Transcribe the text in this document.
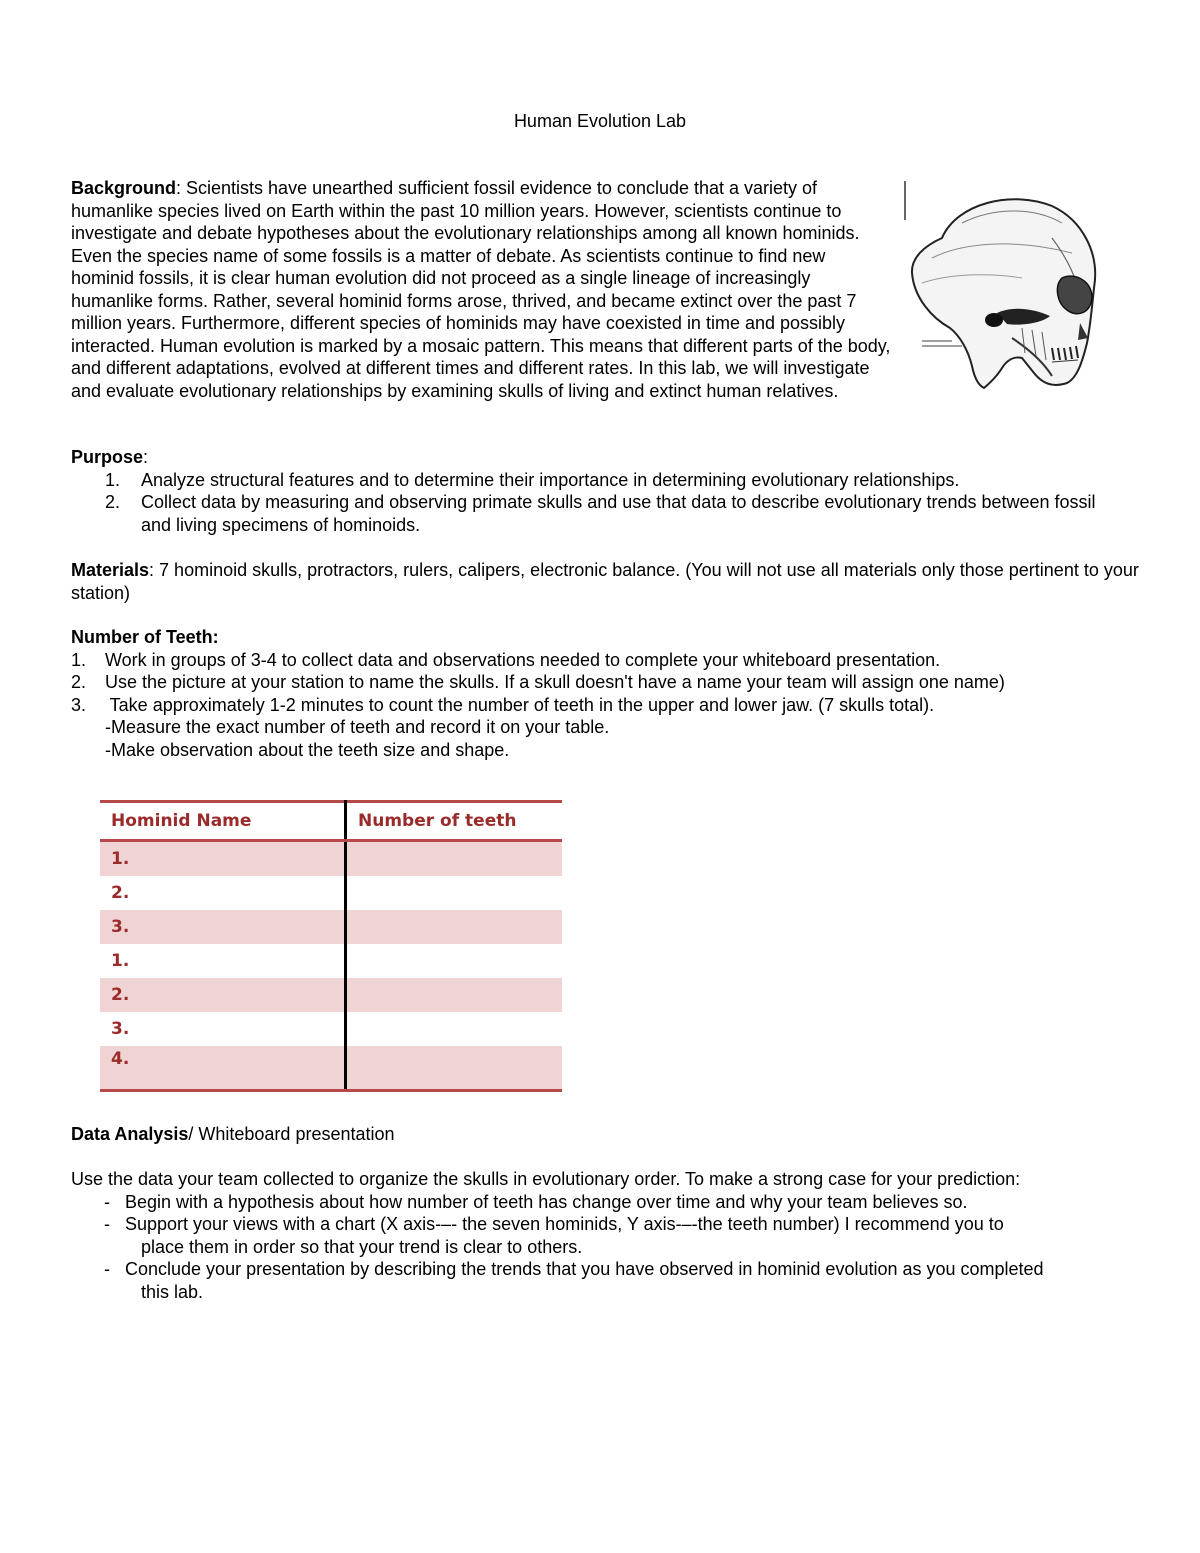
Human Evolution Lab

Background: Scientists have unearthed sufficient fossil evidence to conclude that a variety of humanlike species lived on Earth within the past 10 million years. However, scientists continue to investigate and debate hypotheses about the evolutionary relationships among all known hominids. Even the species name of some fossils is a matter of debate. As scientists continue to find new hominid fossils, it is clear human evolution did not proceed as a single lineage of increasingly humanlike forms. Rather, several hominid forms arose, thrived, and became extinct over the past 7 million years. Furthermore, different species of hominids may have coexisted in time and possibly interacted. Human evolution is marked by a mosaic pattern. This means that different parts of the body, and different adaptations, evolved at different times and different rates. In this lab, we will investigate and evaluate evolutionary relationships by examining skulls of living and extinct human relatives.

Purpose:

1. Analyze structural features and to determine their importance in determining evolutionary relationships.
2. Collect data by measuring and observing primate skulls and use that data to describe evolutionary trends between fossil and living specimens of hominoids.

Materials: 7 hominoid skulls, protractors, rulers, calipers, electronic balance. (You will not use all materials only those pertinent to your station)

Number of Teeth:

1. Work in groups of 3-4 to collect data and observations needed to complete your whiteboard presentation.
2. Use the picture at your station to name the skulls. If a skull doesn't have a name your team will assign one name)
3. Take approximately 1-2 minutes to count the number of teeth in the upper and lower jaw. (7 skulls total).
-Measure the exact number of teeth and record it on your table.
-Make observation about the teeth size and shape.
Hominid Name	Number of teeth
1.	
2.	
3.	
1.	
2.	
3.	
4.	

Data Analysis/ Whiteboard presentation

Use the data your team collected to organize the skulls in evolutionary order. To make a strong case for your prediction:

- Begin with a hypothesis about how number of teeth has change over time and why your team believes so.
- Support your views with a chart (X axis-–- the seven hominids, Y axis-–-the teeth number) I recommend you to
place them in order so that your trend is clear to others.
- Conclude your presentation by describing the trends that you have observed in hominid evolution as you completed
this lab.
